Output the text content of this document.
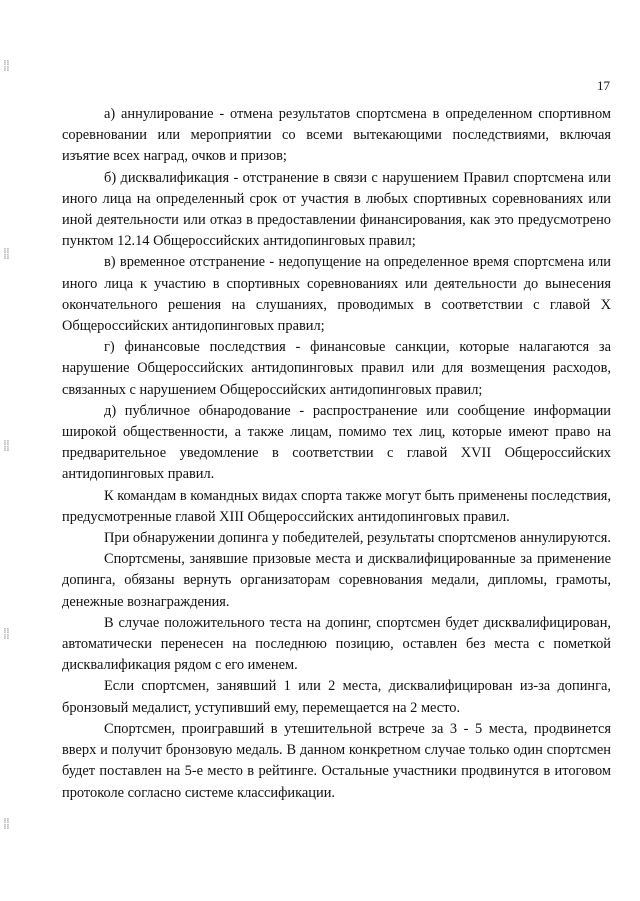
⁞⁞
⁞⁞
⁞⁞
⁞⁞
⁞⁞
⁞⁞
⁞⁞
⁞⁞
⁞⁞
⁞⁞
17

а) аннулирование - отмена результатов спортсмена в определенном спортивном соревновании или мероприятии со всеми вытекающими последствиями, включая изъятие всех наград, очков и призов;

б) дисквалификация - отстранение в связи с нарушением Правил спортсмена или иного лица на определенный срок от участия в любых спортивных соревнованиях или иной деятельности или отказ в предоставлении финансирования, как это предусмотрено пунктом 12.14 Общероссийских антидопинговых правил;

в) временное отстранение - недопущение на определенное время спортсмена или иного лица к участию в спортивных соревнованиях или деятельности до вынесения окончательного решения на слушаниях, проводимых в соответствии с главой X Общероссийских антидопинговых правил;

г) финансовые последствия - финансовые санкции, которые налагаются за нарушение Общероссийских антидопинговых правил или для возмещения расходов, связанных с нарушением Общероссийских антидопинговых правил;

д) публичное обнародование - распространение или сообщение информации широкой общественности, а также лицам, помимо тех лиц, которые имеют право на предварительное уведомление в соответствии с главой XVII Общероссийских антидопинговых правил.

К командам в командных видах спорта также могут быть применены последствия, предусмотренные главой XIII Общероссийских антидопинговых правил.

При обнаружении допинга у победителей, результаты спортсменов аннулируются.

Спортсмены, занявшие призовые места и дисквалифицированные за применение допинга, обязаны вернуть организаторам соревнования медали, дипломы, грамоты, денежные вознаграждения.

В случае положительного теста на допинг, спортсмен будет дисквалифицирован, автоматически перенесен на последнюю позицию, оставлен без места с пометкой дисквалификация рядом с его именем.

Если спортсмен, занявший 1 или 2 места, дисквалифицирован из-за допинга, бронзовый медалист, уступивший ему, перемещается на 2 место.

Спортсмен, проигравший в утешительной встрече за 3 - 5 места, продвинется вверх и получит бронзовую медаль. В данном конкретном случае только один спортсмен будет поставлен на 5-е место в рейтинге. Остальные участники продвинутся в итоговом протоколе согласно системе классификации.
